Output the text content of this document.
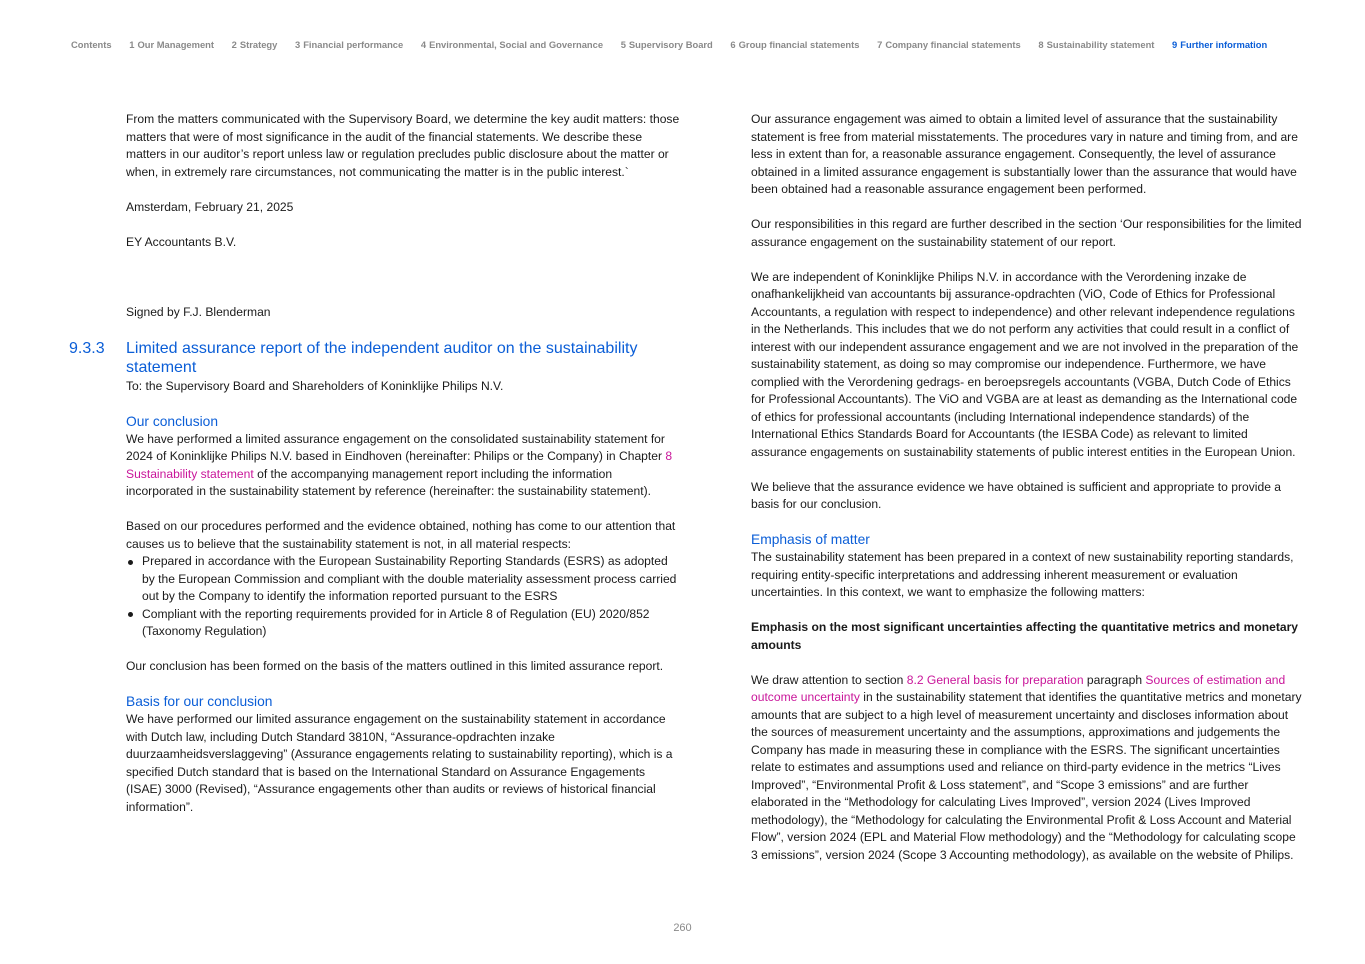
Contents 1 Our Management 2 Strategy 3 Financial performance 4 Environmental, Social and Governance 5 Supervisory Board 6 Group financial statements 7 Company financial statements 8 Sustainability statement 9 Further information

From the matters communicated with the Supervisory Board, we determine the key audit matters: those matters that were of most significance in the audit of the financial statements. We describe these matters in our auditor’s report unless law or regulation precludes public disclosure about the matter or when, in extremely rare circumstances, not communicating the matter is in the public interest.`

Amsterdam, February 21, 2025

EY Accountants B.V.

Signed by F.J. Blenderman

9.3.3	Limited assurance report of the independent auditor on the sustainability statement

To: the Supervisory Board and Shareholders of Koninklijke Philips N.V.

Our conclusion

We have performed a limited assurance engagement on the consolidated sustainability statement for 2024 of Koninklijke Philips N.V. based in Eindhoven (hereinafter: Philips or the Company) in Chapter 8 Sustainability statement of the accompanying management report including the information incorporated in the sustainability statement by reference (hereinafter: the sustainability statement).

Based on our procedures performed and the evidence obtained, nothing has come to our attention that causes us to believe that the sustainability statement is not, in all material respects:

Prepared in accordance with the European Sustainability Reporting Standards (ESRS) as adopted by the European Commission and compliant with the double materiality assessment process carried out by the Company to identify the information reported pursuant to the ESRS
Compliant with the reporting requirements provided for in Article 8 of Regulation (EU) 2020/852 (Taxonomy Regulation)

Our conclusion has been formed on the basis of the matters outlined in this limited assurance report.

Basis for our conclusion

We have performed our limited assurance engagement on the sustainability statement in accordance with Dutch law, including Dutch Standard 3810N, “Assurance-opdrachten inzake duurzaamheidsverslaggeving” (Assurance engagements relating to sustainability reporting), which is a specified Dutch standard that is based on the International Standard on Assurance Engagements (ISAE) 3000 (Revised), “Assurance engagements other than audits or reviews of historical financial information”.

Our assurance engagement was aimed to obtain a limited level of assurance that the sustainability statement is free from material misstatements. The procedures vary in nature and timing from, and are less in extent than for, a reasonable assurance engagement. Consequently, the level of assurance obtained in a limited assurance engagement is substantially lower than the assurance that would have been obtained had a reasonable assurance engagement been performed.

Our responsibilities in this regard are further described in the section ‘Our responsibilities for the limited assurance engagement on the sustainability statement of our report.

We are independent of Koninklijke Philips N.V. in accordance with the Verordening inzake de onafhankelijkheid van accountants bij assurance-opdrachten (ViO, Code of Ethics for Professional Accountants, a regulation with respect to independence) and other relevant independence regulations in the Netherlands. This includes that we do not perform any activities that could result in a conflict of interest with our independent assurance engagement and we are not involved in the preparation of the sustainability statement, as doing so may compromise our independence. Furthermore, we have complied with the Verordening gedrags- en beroepsregels accountants (VGBA, Dutch Code of Ethics for Professional Accountants). The ViO and VGBA are at least as demanding as the International code of ethics for professional accountants (including International independence standards) of the International Ethics Standards Board for Accountants (the IESBA Code) as relevant to limited assurance engagements on sustainability statements of public interest entities in the European Union.

We believe that the assurance evidence we have obtained is sufficient and appropriate to provide a basis for our conclusion.

Emphasis of matter

The sustainability statement has been prepared in a context of new sustainability reporting standards, requiring entity-specific interpretations and addressing inherent measurement or evaluation uncertainties. In this context, we want to emphasize the following matters:

Emphasis on the most significant uncertainties affecting the quantitative metrics and monetary amounts

We draw attention to section 8.2 General basis for preparation paragraph Sources of estimation and outcome uncertainty in the sustainability statement that identifies the quantitative metrics and monetary amounts that are subject to a high level of measurement uncertainty and discloses information about the sources of measurement uncertainty and the assumptions, approximations and judgements the Company has made in measuring these in compliance with the ESRS. The significant uncertainties relate to estimates and assumptions used and reliance on third-party evidence in the metrics “Lives Improved”, “Environmental Profit & Loss statement”, and “Scope 3 emissions” and are further elaborated in the “Methodology for calculating Lives Improved”, version 2024 (Lives Improved methodology), the “Methodology for calculating the Environmental Profit & Loss Account and Material Flow”, version 2024 (EPL and Material Flow methodology) and the “Methodology for calculating scope 3 emissions”, version 2024 (Scope 3 Accounting methodology), as available on the website of Philips.

260
